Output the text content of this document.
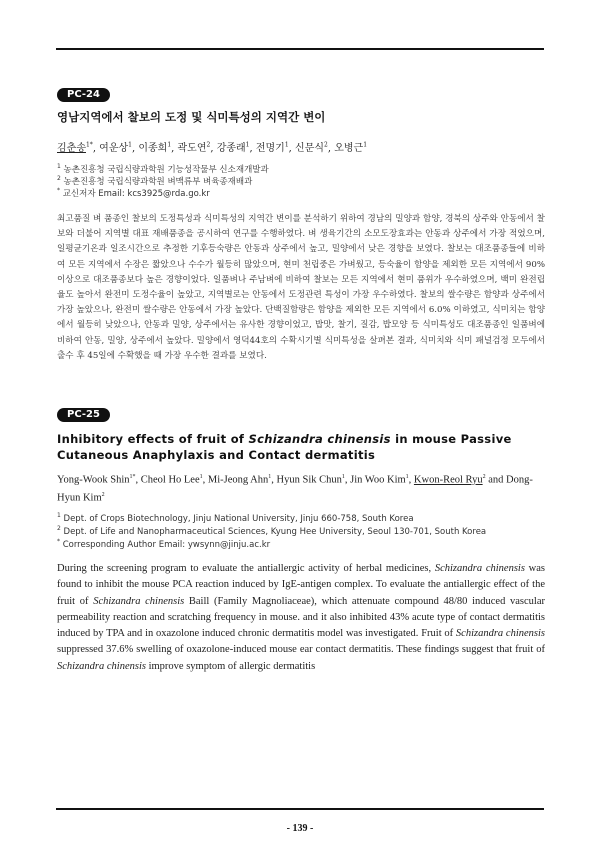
PC-24
영남지역에서 찰보의 도정 및 식미특성의 지역간 변이
김춘송$^{1*}$, 여운상$^1$, 이종희$^1$, 곽도연$^2$, 강종래$^1$, 전명기$^1$, 신문식$^2$, 오병근$^1$
$^1$ 농촌진흥청 국립식량과학원 기능성작물부 신소재개발과
$^2$ 농촌진흥청 국립식량과학원 벼맥류부 벼육종재배과
* 교신저자 Email: kcs3925@rda.go.kr

최고품질 벼 품종인 찰보의 도정특성과 식미특성의 지역간 변이를 분석하기 위하여 경남의 밀양과 함양, 경북의 상주와 안동에서 찰보와 더불어 지역별 대표 재배품종을 공시하여 연구를 수행하였다. 벼 생육기간의 소모도장효과는 안동과 상주에서 가장 적었으며, 일평균기온과 일조시간으로 추정한 기후등숙량은 안동과 상주에서 높고, 밀양에서 낮은 경향을 보였다. 찰보는 대조품종들에 비하여 모든 지역에서 수장은 짧았으나 수수가 월등히 많았으며, 현미 천립중은 가벼웠고, 등숙율이 함양을 제외한 모든 지역에서 90% 이상으로 대조품종보다 높은 경향이었다. 일품벼나 주남벼에 비하여 찰보는 모든 지역에서 현미 품위가 우수하였으며, 백미 완전립율도 높아서 완전미 도정수율이 높았고, 지역별로는 안동에서 도정관련 특성이 가장 우수하였다. 찰보의 쌀수량은 함양과 상주에서 가장 높았으나, 완전미 쌀수량은 안동에서 가장 높았다. 단백질함량은 함양을 제외한 모든 지역에서 6.0% 이하였고, 식미치는 함양에서 월등히 낮았으나, 안동과 밀양, 상주에서는 유사한 경향이었고, 밥맛, 찰기, 질감, 밥모양 등 식미특성도 대조품종인 일품벼에 비하여 안동, 밀양, 상주에서 높았다. 밀양에서 영덕44호의 수확시기별 식미특성을 살펴본 결과, 식미치와 식미 패널검정 모두에서 출수 후 45일에 수확했을 때 가장 우수한 결과를 보였다.

PC-25
Inhibitory effects of fruit of Schizandra chinensis in mouse Passive Cutaneous Anaphylaxis and Contact dermatitis
Yong-Wook Shin$^{1*}$, Cheol Ho Lee$^1$, Mi-Jeong Ahn$^1$, Hyun Sik Chun$^1$, Jin Woo Kim$^1$, Kwon-Reol Ryu$^2$ and Dong-Hyun Kim$^2$
$^1$ Dept. of Crops Biotechnology, Jinju National University, Jinju 660-758, South Korea
$^2$ Dept. of Life and Nanopharmaceutical Sciences, Kyung Hee University, Seoul 130-701, South Korea
* Corresponding Author Email: ywsynn@jinju.ac.kr
During the screening program to evaluate the antiallergic activity of herbal medicines, Schizandra chinensis was found to inhibit the mouse PCA reaction induced by IgE-antigen complex. To evaluate the antiallergic effect of the fruit of Schizandra chinensis Baill (Family Magnoliaceae), which attenuate compound 48/80 induced vascular permeability reaction and scratching frequency in mouse. and it also inhibited 43% acute type of contact dermatitis induced by TPA and in oxazolone induced chronic dermatitis model was investigated. Fruit of Schizandra chinensis suppressed 37.6% swelling of oxazolone-induced mouse ear contact dermatitis. These findings suggest that fruit of Schizandra chinensis improve symptom of allergic dermatitis
- 139 -
